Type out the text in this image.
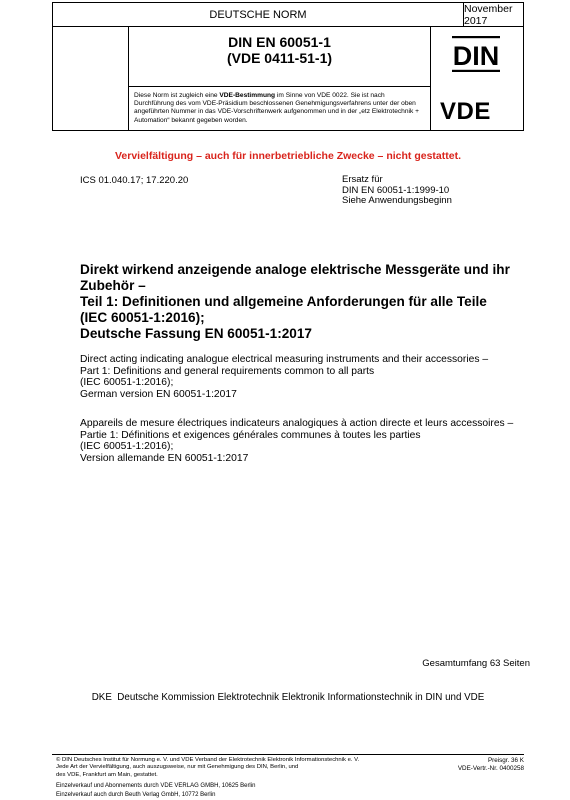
DEUTSCHE NORM	November 2017
DIN EN 60051-1
(VDE 0411-51-1)
Diese Norm ist zugleich eine VDE-Bestimmung im Sinne von VDE 0022. Sie ist nach Durchführung des vom VDE-Präsidium beschlossenen Genehmigungsverfahrens unter der oben angeführten Nummer in das VDE-Vorschriftenwerk aufgenommen und in der „etz Elektrotechnik + Automation“ bekannt gegeben worden.
DIN
VDE
Vervielfältigung – auch für innerbetriebliche Zwecke – nicht gestattet.
ICS 01.040.17; 17.220.20	Ersatz für
DIN EN 60051-1:1999-10
Siehe Anwendungsbeginn
Direkt wirkend anzeigende analoge elektrische Messgeräte und ihr
Zubehör –
Teil 1: Definitionen und allgemeine Anforderungen für alle Teile
(IEC 60051-1:2016);
Deutsche Fassung EN 60051-1:2017
Direct acting indicating analogue electrical measuring instruments and their accessories –
Part 1: Definitions and general requirements common to all parts
(IEC 60051-1:2016);
German version EN 60051-1:2017
Appareils de mesure électriques indicateurs analogiques à action directe et leurs accessoires –
Partie 1: Définitions et exigences générales communes à toutes les parties
(IEC 60051-1:2016);
Version allemande EN 60051-1:2017
Gesamtumfang 63 Seiten
DKE  Deutsche Kommission Elektrotechnik Elektronik Informationstechnik in DIN und VDE
© DIN Deutsches Institut für Normung e. V. und VDE Verband der Elektrotechnik Elektronik Informationstechnik e. V.
Jede Art der Vervielfältigung, auch auszugsweise, nur mit Genehmigung des DIN, Berlin, und
des VDE, Frankfurt am Main, gestattet.
Preisgr. 36 K
VDE-Vertr.-Nr. 0400258
Einzelverkauf und Abonnements durch VDE VERLAG GMBH, 10625 Berlin
Einzelverkauf auch durch Beuth Verlag GmbH, 10772 Berlin
